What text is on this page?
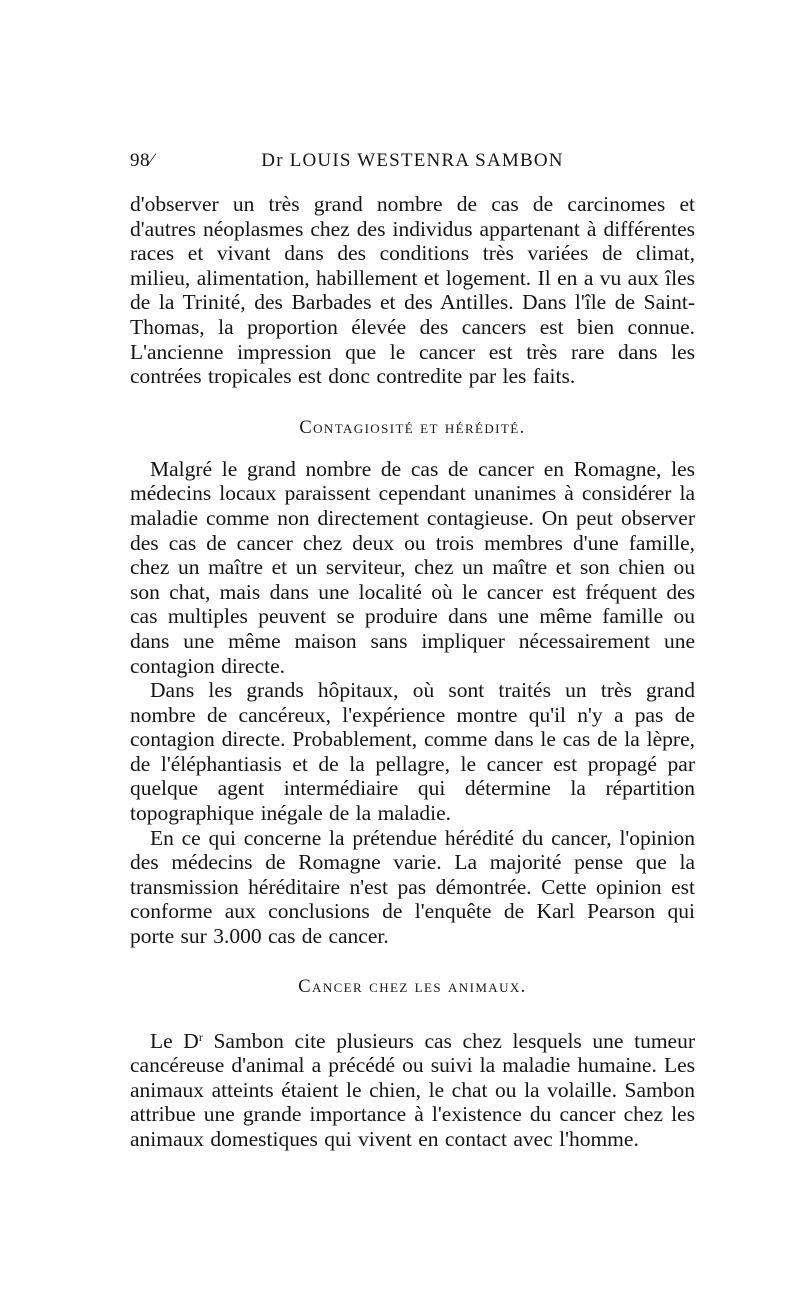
98⁄	Dr LOUIS WESTENRA SAMBON

d'observer un très grand nombre de cas de carcinomes et d'autres néoplasmes chez des individus appartenant à différentes races et vivant dans des conditions très variées de climat, milieu, alimentation, habillement et logement. Il en a vu aux îles de la Trinité, des Barbades et des Antilles. Dans l'île de Saint-Thomas, la proportion élevée des cancers est bien connue. L'ancienne impression que le cancer est très rare dans les contrées tropicales est donc contredite par les faits.

Contagiosité et hérédité.

Malgré le grand nombre de cas de cancer en Romagne, les médecins locaux paraissent cependant unanimes à considérer la maladie comme non directement contagieuse. On peut observer des cas de cancer chez deux ou trois membres d'une famille, chez un maître et un serviteur, chez un maître et son chien ou son chat, mais dans une localité où le cancer est fréquent des cas multiples peuvent se produire dans une même famille ou dans une même maison sans impliquer nécessairement une contagion directe.

Dans les grands hôpitaux, où sont traités un très grand nombre de cancéreux, l'expérience montre qu'il n'y a pas de contagion directe. Probablement, comme dans le cas de la lèpre, de l'éléphantiasis et de la pellagre, le cancer est propagé par quelque agent intermédiaire qui détermine la répartition topographique inégale de la maladie.

En ce qui concerne la prétendue hérédité du cancer, l'opinion des médecins de Romagne varie. La majorité pense que la transmission héréditaire n'est pas démontrée. Cette opinion est conforme aux conclusions de l'enquête de Karl Pearson qui porte sur 3.000 cas de cancer.

Cancer chez les animaux.

Le $D^r$ Sambon cite plusieurs cas chez lesquels une tumeur cancéreuse d'animal a précédé ou suivi la maladie humaine. Les animaux atteints étaient le chien, le chat ou la volaille. Sambon attribue une grande importance à l'existence du cancer chez les animaux domestiques qui vivent en contact avec l'homme.
